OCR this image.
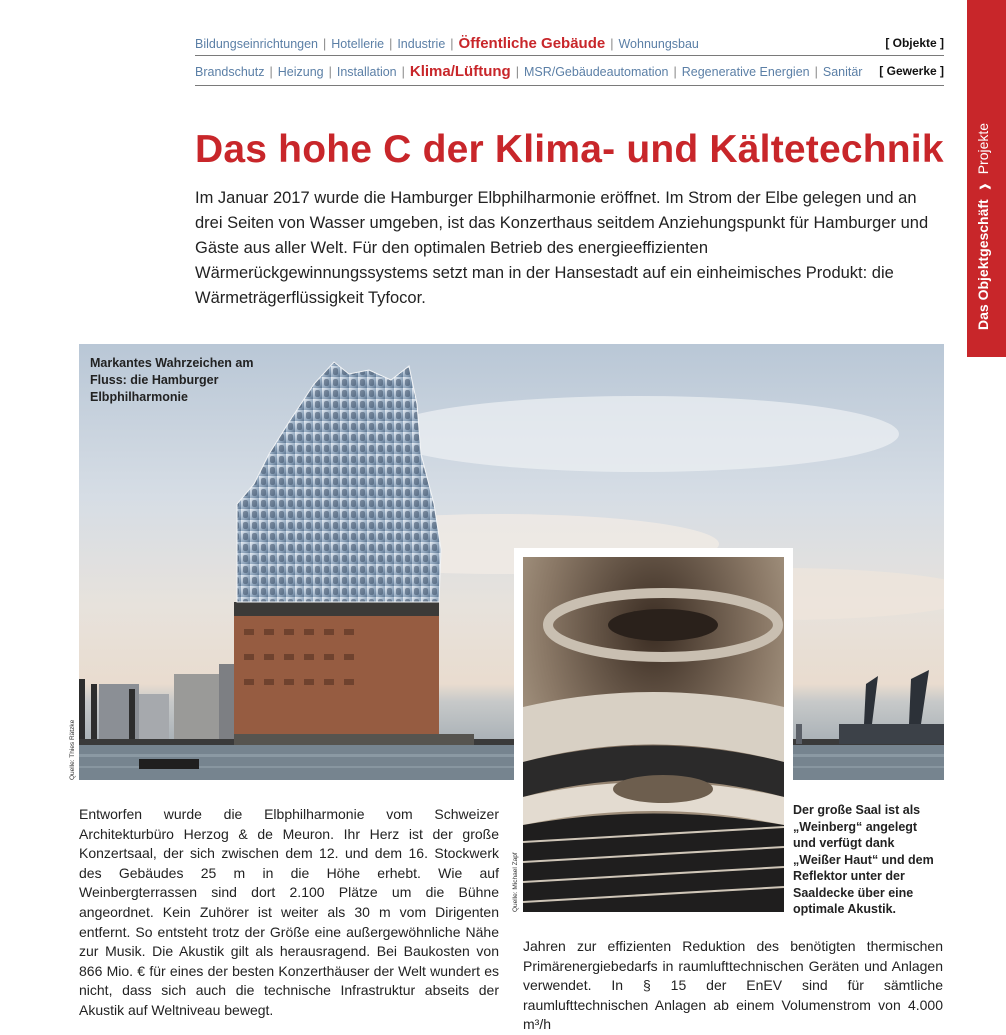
Bildungseinrichtungen | Hotellerie | Industrie | Öffentliche Gebäude | Wohnungsbau	[ Objekte ]
Brandschutz | Heizung | Installation | Klima/Lüftung | MSR/Gebäudeautomation | Regenerative Energien | Sanitär	[ Gewerke ]
Das Objektgeschäft ❱ Projekte
Das hohe C der Klima- und Kältetechnik

Im Januar 2017 wurde die Hamburger Elbphilharmonie eröffnet. Im Strom der Elbe gelegen und an drei Seiten von Wasser umgeben, ist das Konzerthaus seitdem Anziehungspunkt für Hamburger und Gäste aus aller Welt. Für den optimalen Betrieb des energieeffizienten Wärmerückgewinnungssystems setzt man in der Hansestadt auf ein einheimisches Produkt: die Wärmeträgerflüssigkeit Tyfocor.

Markantes Wahrzeichen am Fluss: die Hamburger Elbphilharmonie
Quelle: Thies Rätzke
Quelle: Michael Zapf
Der große Saal ist als „Weinberg“ angelegt und verfügt dank „Weißer Haut“ und dem Reflektor unter der Saaldecke über eine optimale Akustik.

Entworfen wurde die Elbphilharmonie vom Schweizer Architekturbüro Herzog & de Meuron. Ihr Herz ist der große Konzertsaal, der sich zwischen dem 12. und dem 16. Stockwerk des Gebäudes 25 m in die Höhe erhebt. Wie auf Weinbergterrassen sind dort 2.100 Plätze um die Bühne angeordnet. Kein Zuhörer ist weiter als 30 m vom Dirigenten entfernt. So entsteht trotz der Größe eine außergewöhnliche Nähe zur Musik. Die Akustik gilt als herausragend. Bei Baukosten von 866 Mio. € für eines der besten Konzerthäuser der Welt wundert es nicht, dass sich auch die technische Infrastruktur abseits der Akustik auf Weltniveau bewegt.

Jahren zur effizienten Reduktion des benötigten thermischen Primärenergiebedarfs in raumlufttechnischen Geräten und Anlagen verwendet. In § 15 der EnEV sind für sämtliche raumlufttechnischen Anlagen ab einem Volumenstrom von 4.000 m³/h
